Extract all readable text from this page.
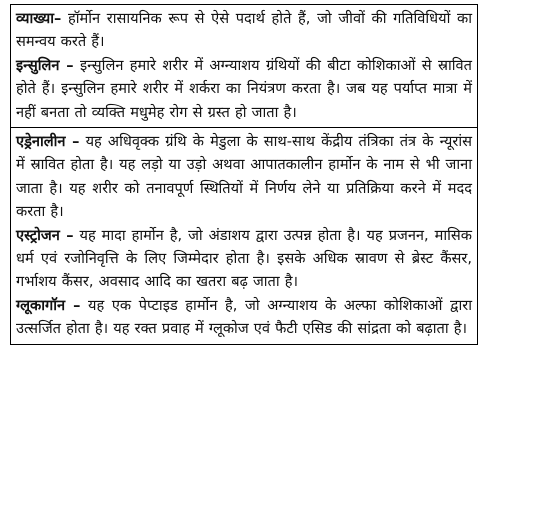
व्याख्या– हॉर्मोन रासायनिक रूप से ऐसे पदार्थ होते हैं, जो जीवों की गतिविधियों का समन्वय करते हैं।

इन्सुलिन – इन्सुलिन हमारे शरीर में अग्न्याशय ग्रंथियों की बीटा कोशिकाओं से स्रावित होते हैं। इन्सुलिन हमारे शरीर में शर्करा का नियंत्रण करता है। जब यह पर्याप्त मात्रा में नहीं बनता तो व्यक्ति मधुमेह रोग से ग्रस्त हो जाता है।

एड्रेनालीन – यह अधिवृक्क ग्रंथि के मेडुला के साथ-साथ केंद्रीय तंत्रिका तंत्र के न्यूरांस में स्रावित होता है। यह लड़ो या उड़ो अथवा आपातकालीन हार्मोन के नाम से भी जाना जाता है। यह शरीर को तनावपूर्ण स्थितियों में निर्णय लेने या प्रतिक्रिया करने में मदद करता है।

एस्ट्रोजन – यह मादा हार्मोन है, जो अंडाशय द्वारा उत्पन्न होता है। यह प्रजनन, मासिक धर्म एवं रजोनिवृत्ति के लिए जिम्मेदार होता है। इसके अधिक स्रावण से ब्रेस्ट कैंसर, गर्भाशय कैंसर, अवसाद आदि का खतरा बढ़ जाता है।

ग्लूकागॉन – यह एक पेप्टाइड हार्मोन है, जो अग्न्याशय के अल्फा कोशिकाओं द्वारा उत्सर्जित होता है। यह रक्त प्रवाह में ग्लूकोज एवं फैटी एसिड की सांद्रता को बढ़ाता है।
